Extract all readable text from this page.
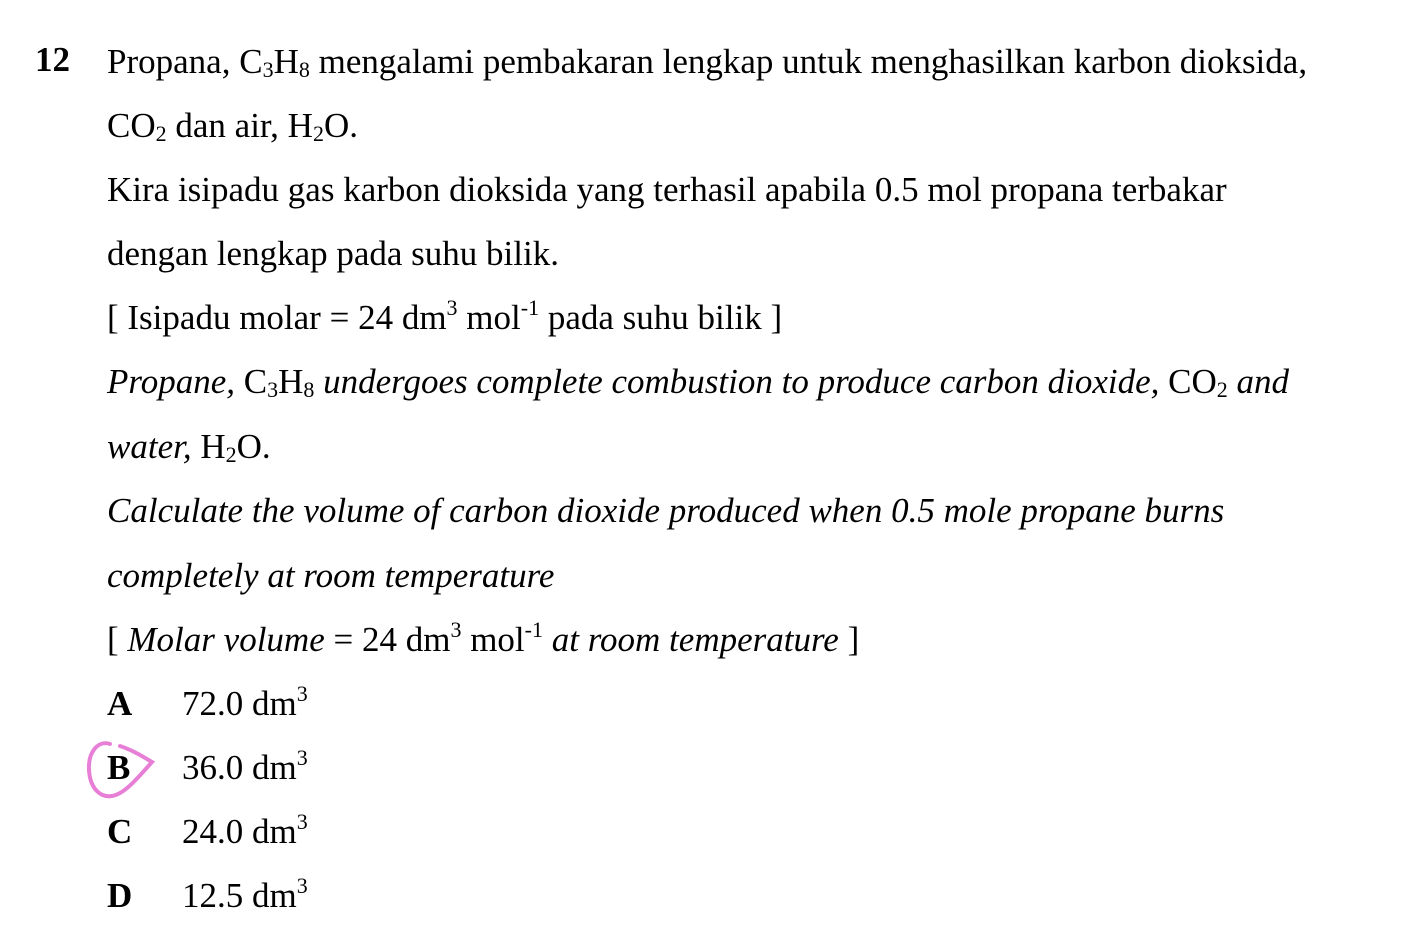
12 Propana, $C_3H_8$ mengalami pembakaran lengkap untuk menghasilkan karbon dioksida,
$CO_2$ dan air, $H_2O$.
Kira isipadu gas karbon dioksida yang terhasil apabila 0.5 mol propana terbakar
dengan lengkap pada suhu bilik.
[ Isipadu molar = 24 $dm^3$ mol$^{-1}$ pada suhu bilik ]
Propane, $C_3H_8$ undergoes complete combustion to produce carbon dioxide, $CO_2$ and
water, $H_2O$.
Calculate the volume of carbon dioxide produced when 0.5 mole propane burns
completely at room temperature
[ Molar volume = 24 $dm^3$ mol$^{-1}$ at room temperature ]
A 72.0 $dm^3$
B 36.0 $dm^3$
C 24.0 $dm^3$
D 12.5 $dm^3$
